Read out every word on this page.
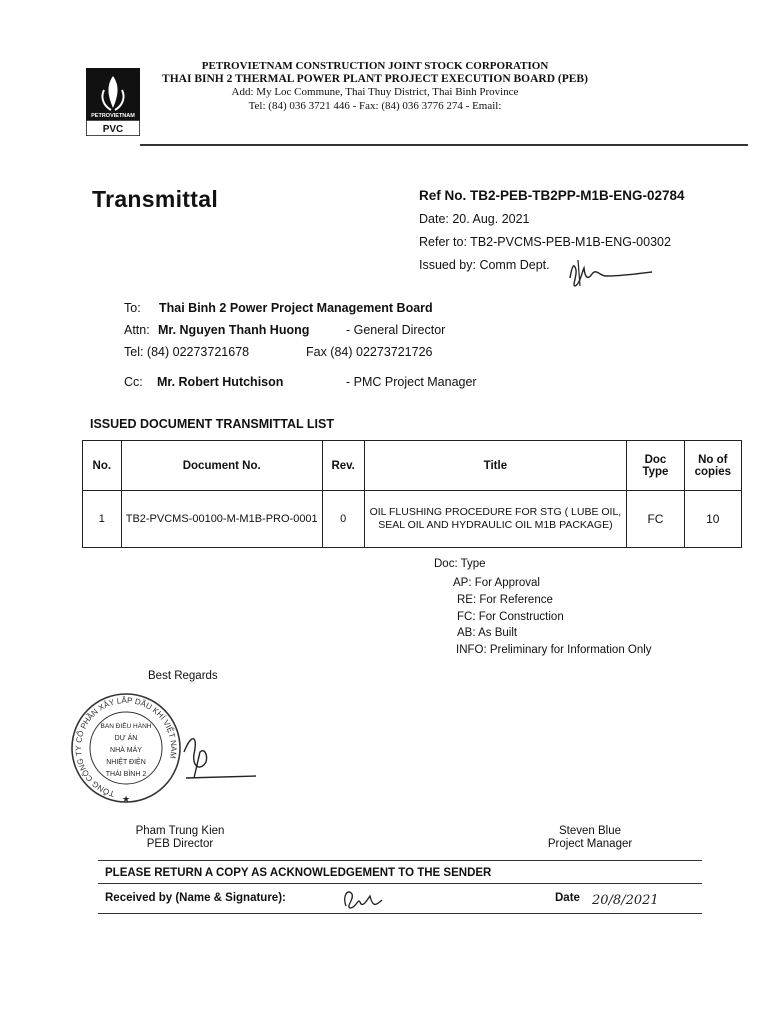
PETROVIETNAM
PVC
PETROVIETNAM CONSTRUCTION JOINT STOCK CORPORATION
THAI BINH 2 THERMAL POWER PLANT PROJECT EXECUTION BOARD (PEB)
Add: My Loc Commune, Thai Thuy District, Thai Binh Province
Tel: (84) 036 3721 446 - Fax: (84) 036 3776 274 - Email:
Transmittal	Ref No. TB2-PEB-TB2PP-M1B-ENG-02784
Date: 20. Aug. 2021
Refer to: TB2-PVCMS-PEB-M1B-ENG-00302
Issued by: Comm Dept.
To: Thai Binh 2 Power Project Management Board
Attn: Mr. Nguyen Thanh Huong	- General Director
Tel: (84) 02273721678	Fax (84) 02273721726
Cc: Mr. Robert Hutchison	- PMC Project Manager
ISSUED DOCUMENT TRANSMITTAL LIST
No.	Document No.	Rev.	Title	Doc Type	No of copies
1	TB2-PVCMS-00100-M-M1B-PRO-0001	0	OIL FLUSHING PROCEDURE FOR STG ( LUBE OIL, SEAL OIL AND HYDRAULIC OIL M1B PACKAGE)	FC	10
Doc: Type
AP: For Approval
RE: For Reference
FC: For Construction
AB: As Built
INFO: Preliminary for Information Only
Best Regards
TỔNG CÔNG TY CỔ PHẦN XÂY LẮP DẦU KHÍ VIỆT NAM
BAN ĐIỀU HÀNH
DỰ ÁN
NHÀ MÁY
NHIỆT ĐIỆN
THÁI BÌNH 2
★
Pham Trung Kien
PEB Director
Steven Blue
Project Manager
PLEASE RETURN A COPY AS ACKNOWLEDGEMENT TO THE SENDER
Received by (Name & Signature):	Date 20/8/2021
